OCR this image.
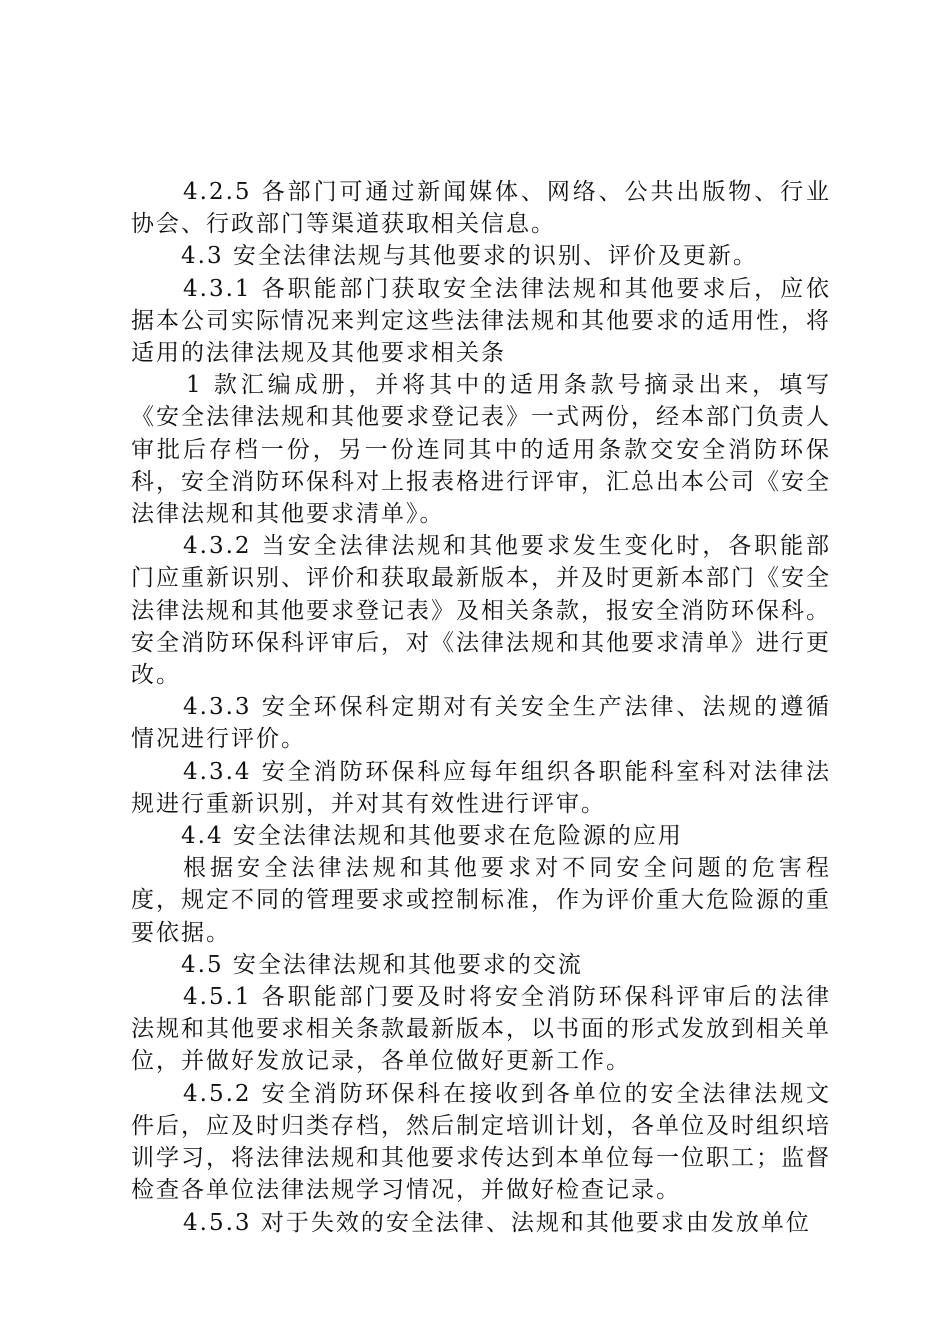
4.2.5 各部门可通过新闻媒体、网络、公共出版物、行业协会、行政部门等渠道获取相关信息。

4.3 安全法律法规与其他要求的识别、评价及更新。

4.3.1 各职能部门获取安全法律法规和其他要求后，应依据本公司实际情况来判定这些法律法规和其他要求的适用性，将适用的法律法规及其他要求相关条

1 款汇编成册，并将其中的适用条款号摘录出来，填写《安全法律法规和其他要求登记表》一式两份，经本部门负责人审批后存档一份，另一份连同其中的适用条款交安全消防环保科，安全消防环保科对上报表格进行评审，汇总出本公司《安全法律法规和其他要求清单》。

4.3.2 当安全法律法规和其他要求发生变化时，各职能部门应重新识别、评价和获取最新版本，并及时更新本部门《安全法律法规和其他要求登记表》及相关条款，报安全消防环保科。安全消防环保科评审后，对《法律法规和其他要求清单》进行更改。

4.3.3 安全环保科定期对有关安全生产法律、法规的遵循情况进行评价。

4.3.4 安全消防环保科应每年组织各职能科室科对法律法规进行重新识别，并对其有效性进行评审。

4.4 安全法律法规和其他要求在危险源的应用

根据安全法律法规和其他要求对不同安全问题的危害程度，规定不同的管理要求或控制标准，作为评价重大危险源的重要依据。

4.5 安全法律法规和其他要求的交流

4.5.1 各职能部门要及时将安全消防环保科评审后的法律法规和其他要求相关条款最新版本，以书面的形式发放到相关单位，并做好发放记录，各单位做好更新工作。

4.5.2 安全消防环保科在接收到各单位的安全法律法规文件后，应及时归类存档，然后制定培训计划，各单位及时组织培训学习，将法律法规和其他要求传达到本单位每一位职工；监督检查各单位法律法规学习情况，并做好检查记录。

4.5.3 对于失效的安全法律、法规和其他要求由发放单位
